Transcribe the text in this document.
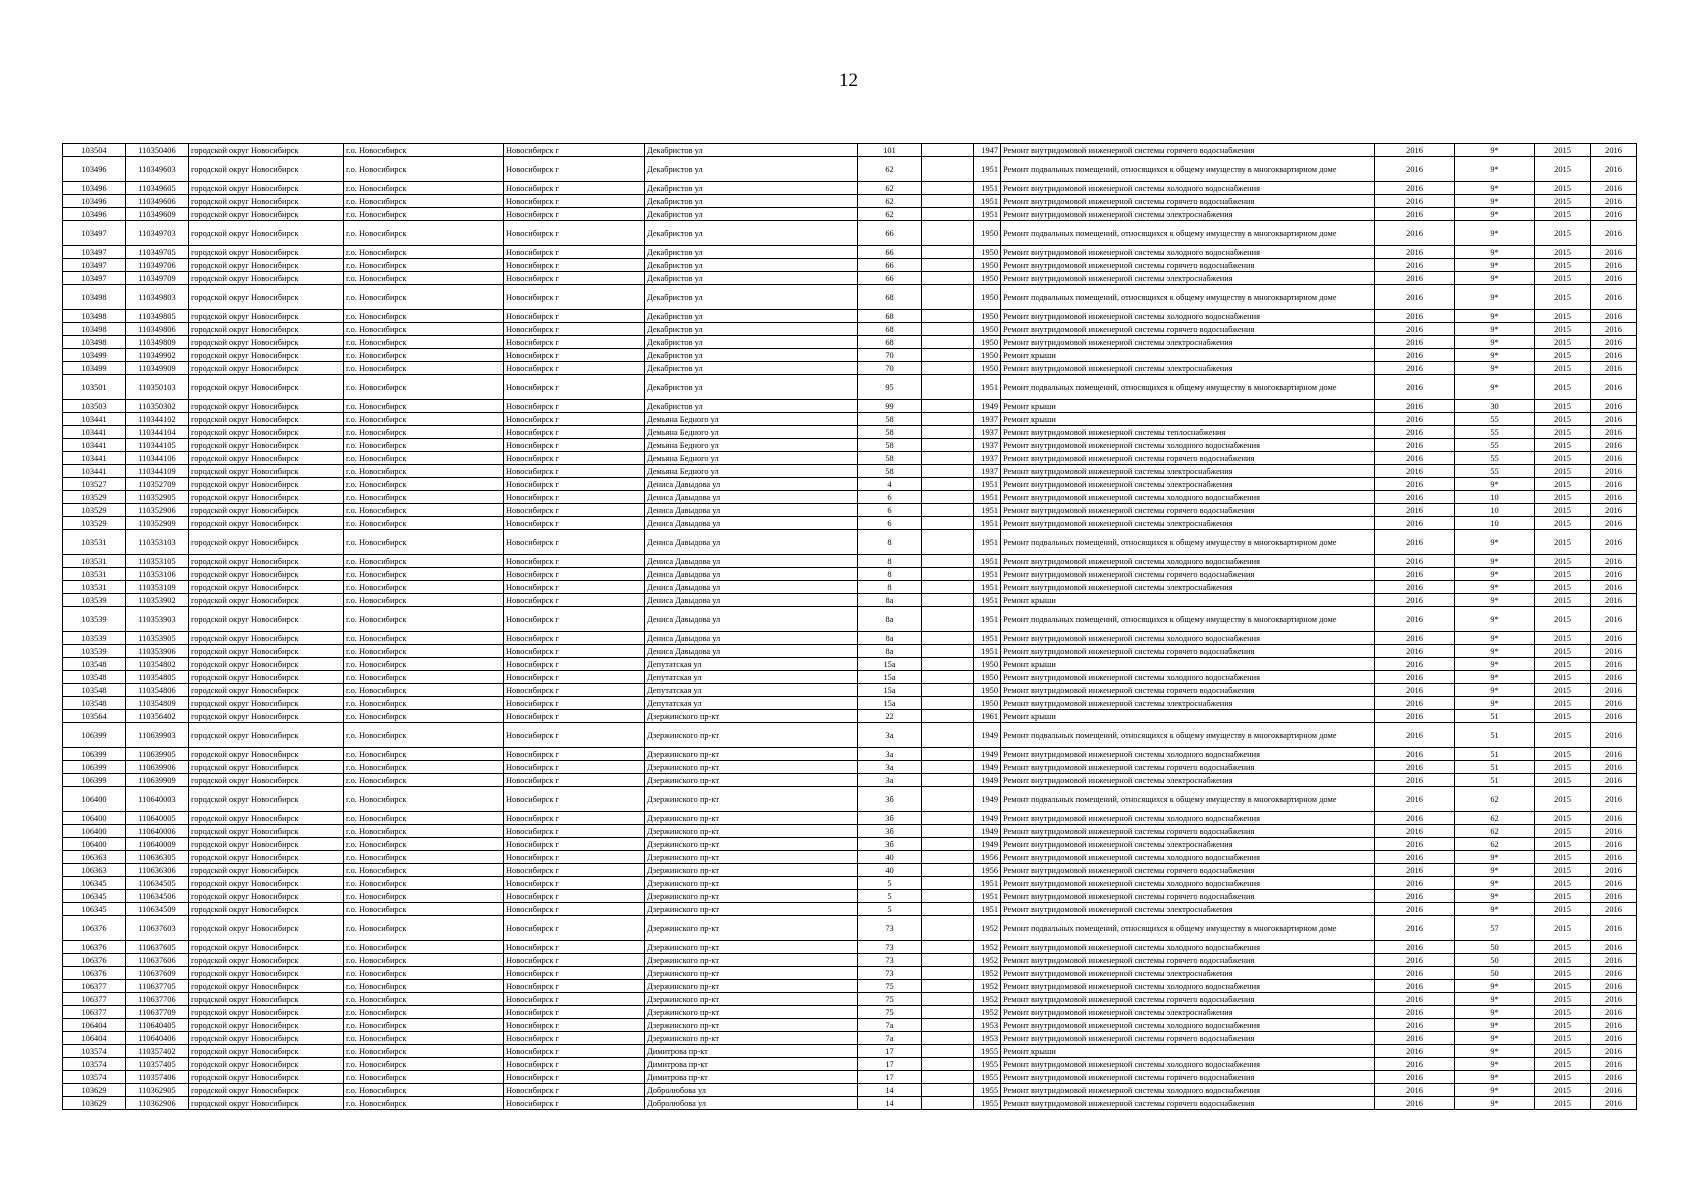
12
103504	110350406	городской округ Новосибирск	г.о. Новосибирск	Новосибирск г	Декабристов ул	101		1947	Ремонт внутридомовой инженерной системы горячего водоснабжения	2016	9*	2015	2016
103496	110349603	городской округ Новосибирск	г.о. Новосибирск	Новосибирск г	Декабристов ул	62		1951	Ремонт подвальных помещений, относящихся к общему имуществу в многоквартирном доме	2016	9*	2015	2016
103496	110349605	городской округ Новосибирск	г.о. Новосибирск	Новосибирск г	Декабристов ул	62		1951	Ремонт внутридомовой инженерной системы холодного водоснабжения	2016	9*	2015	2016
103496	110349606	городской округ Новосибирск	г.о. Новосибирск	Новосибирск г	Декабристов ул	62		1951	Ремонт внутридомовой инженерной системы горячего водоснабжения	2016	9*	2015	2016
103496	110349609	городской округ Новосибирск	г.о. Новосибирск	Новосибирск г	Декабристов ул	62		1951	Ремонт внутридомовой инженерной системы электроснабжения	2016	9*	2015	2016
103497	110349703	городской округ Новосибирск	г.о. Новосибирск	Новосибирск г	Декабристов ул	66		1950	Ремонт подвальных помещений, относящихся к общему имуществу в многоквартирном доме	2016	9*	2015	2016
103497	110349705	городской округ Новосибирск	г.о. Новосибирск	Новосибирск г	Декабристов ул	66		1950	Ремонт внутридомовой инженерной системы холодного водоснабжения	2016	9*	2015	2016
103497	110349706	городской округ Новосибирск	г.о. Новосибирск	Новосибирск г	Декабристов ул	66		1950	Ремонт внутридомовой инженерной системы горячего водоснабжения	2016	9*	2015	2016
103497	110349709	городской округ Новосибирск	г.о. Новосибирск	Новосибирск г	Декабристов ул	66		1950	Ремонт внутридомовой инженерной системы электроснабжения	2016	9*	2015	2016
103498	110349803	городской округ Новосибирск	г.о. Новосибирск	Новосибирск г	Декабристов ул	68		1950	Ремонт подвальных помещений, относящихся к общему имуществу в многоквартирном доме	2016	9*	2015	2016
103498	110349805	городской округ Новосибирск	г.о. Новосибирск	Новосибирск г	Декабристов ул	68		1950	Ремонт внутридомовой инженерной системы холодного водоснабжения	2016	9*	2015	2016
103498	110349806	городской округ Новосибирск	г.о. Новосибирск	Новосибирск г	Декабристов ул	68		1950	Ремонт внутридомовой инженерной системы горячего водоснабжения	2016	9*	2015	2016
103498	110349809	городской округ Новосибирск	г.о. Новосибирск	Новосибирск г	Декабристов ул	68		1950	Ремонт внутридомовой инженерной системы электроснабжения	2016	9*	2015	2016
103499	110349902	городской округ Новосибирск	г.о. Новосибирск	Новосибирск г	Декабристов ул	70		1950	Ремонт крыши	2016	9*	2015	2016
103499	110349909	городской округ Новосибирск	г.о. Новосибирск	Новосибирск г	Декабристов ул	70		1950	Ремонт внутридомовой инженерной системы электроснабжения	2016	9*	2015	2016
103501	110350103	городской округ Новосибирск	г.о. Новосибирск	Новосибирск г	Декабристов ул	95		1951	Ремонт подвальных помещений, относящихся к общему имуществу в многоквартирном доме	2016	9*	2015	2016
103503	110350302	городской округ Новосибирск	г.о. Новосибирск	Новосибирск г	Декабристов ул	99		1949	Ремонт крыши	2016	30	2015	2016
103441	110344102	городской округ Новосибирск	г.о. Новосибирск	Новосибирск г	Демьяна Бедного ул	58		1937	Ремонт крыши	2016	55	2015	2016
103441	110344104	городской округ Новосибирск	г.о. Новосибирск	Новосибирск г	Демьяна Бедного ул	58		1937	Ремонт внутридомовой инженерной системы теплоснабжения	2016	55	2015	2016
103441	110344105	городской округ Новосибирск	г.о. Новосибирск	Новосибирск г	Демьяна Бедного ул	58		1937	Ремонт внутридомовой инженерной системы холодного водоснабжения	2016	55	2015	2016
103441	110344106	городской округ Новосибирск	г.о. Новосибирск	Новосибирск г	Демьяна Бедного ул	58		1937	Ремонт внутридомовой инженерной системы горячего водоснабжения	2016	55	2015	2016
103441	110344109	городской округ Новосибирск	г.о. Новосибирск	Новосибирск г	Демьяна Бедного ул	58		1937	Ремонт внутридомовой инженерной системы электроснабжения	2016	55	2015	2016
103527	110352709	городской округ Новосибирск	г.о. Новосибирск	Новосибирск г	Дениса Давыдова ул	4		1951	Ремонт внутридомовой инженерной системы электроснабжения	2016	9*	2015	2016
103529	110352905	городской округ Новосибирск	г.о. Новосибирск	Новосибирск г	Дениса Давыдова ул	6		1951	Ремонт внутридомовой инженерной системы холодного водоснабжения	2016	10	2015	2016
103529	110352906	городской округ Новосибирск	г.о. Новосибирск	Новосибирск г	Дениса Давыдова ул	6		1951	Ремонт внутридомовой инженерной системы горячего водоснабжения	2016	10	2015	2016
103529	110352909	городской округ Новосибирск	г.о. Новосибирск	Новосибирск г	Дениса Давыдова ул	6		1951	Ремонт внутридомовой инженерной системы электроснабжения	2016	10	2015	2016
103531	110353103	городской округ Новосибирск	г.о. Новосибирск	Новосибирск г	Дениса Давыдова ул	8		1951	Ремонт подвальных помещений, относящихся к общему имуществу в многоквартирном доме	2016	9*	2015	2016
103531	110353105	городской округ Новосибирск	г.о. Новосибирск	Новосибирск г	Дениса Давыдова ул	8		1951	Ремонт внутридомовой инженерной системы холодного водоснабжения	2016	9*	2015	2016
103531	110353106	городской округ Новосибирск	г.о. Новосибирск	Новосибирск г	Дениса Давыдова ул	8		1951	Ремонт внутридомовой инженерной системы горячего водоснабжения	2016	9*	2015	2016
103531	110353109	городской округ Новосибирск	г.о. Новосибирск	Новосибирск г	Дениса Давыдова ул	8		1951	Ремонт внутридомовой инженерной системы электроснабжения	2016	9*	2015	2016
103539	110353902	городской округ Новосибирск	г.о. Новосибирск	Новосибирск г	Дениса Давыдова ул	8а		1951	Ремонт крыши	2016	9*	2015	2016
103539	110353903	городской округ Новосибирск	г.о. Новосибирск	Новосибирск г	Дениса Давыдова ул	8а		1951	Ремонт подвальных помещений, относящихся к общему имуществу в многоквартирном доме	2016	9*	2015	2016
103539	110353905	городской округ Новосибирск	г.о. Новосибирск	Новосибирск г	Дениса Давыдова ул	8а		1951	Ремонт внутридомовой инженерной системы холодного водоснабжения	2016	9*	2015	2016
103539	110353906	городской округ Новосибирск	г.о. Новосибирск	Новосибирск г	Дениса Давыдова ул	8а		1951	Ремонт внутридомовой инженерной системы горячего водоснабжения	2016	9*	2015	2016
103548	110354802	городской округ Новосибирск	г.о. Новосибирск	Новосибирск г	Депутатская ул	15а		1950	Ремонт крыши	2016	9*	2015	2016
103548	110354805	городской округ Новосибирск	г.о. Новосибирск	Новосибирск г	Депутатская ул	15а		1950	Ремонт внутридомовой инженерной системы холодного водоснабжения	2016	9*	2015	2016
103548	110354806	городской округ Новосибирск	г.о. Новосибирск	Новосибирск г	Депутатская ул	15а		1950	Ремонт внутридомовой инженерной системы горячего водоснабжения	2016	9*	2015	2016
103548	110354809	городской округ Новосибирск	г.о. Новосибирск	Новосибирск г	Депутатская ул	15а		1950	Ремонт внутридомовой инженерной системы электроснабжения	2016	9*	2015	2016
103564	110356402	городской округ Новосибирск	г.о. Новосибирск	Новосибирск г	Дзержинского пр-кт	22		1961	Ремонт крыши	2016	51	2015	2016
106399	110639903	городской округ Новосибирск	г.о. Новосибирск	Новосибирск г	Дзержинского пр-кт	3а		1949	Ремонт подвальных помещений, относящихся к общему имуществу в многоквартирном доме	2016	51	2015	2016
106399	110639905	городской округ Новосибирск	г.о. Новосибирск	Новосибирск г	Дзержинского пр-кт	3а		1949	Ремонт внутридомовой инженерной системы холодного водоснабжения	2016	51	2015	2016
106399	110639906	городской округ Новосибирск	г.о. Новосибирск	Новосибирск г	Дзержинского пр-кт	3а		1949	Ремонт внутридомовой инженерной системы горячего водоснабжения	2016	51	2015	2016
106399	110639909	городской округ Новосибирск	г.о. Новосибирск	Новосибирск г	Дзержинского пр-кт	3а		1949	Ремонт внутридомовой инженерной системы электроснабжения	2016	51	2015	2016
106400	110640003	городской округ Новосибирск	г.о. Новосибирск	Новосибирск г	Дзержинского пр-кт	3б		1949	Ремонт подвальных помещений, относящихся к общему имуществу в многоквартирном доме	2016	62	2015	2016
106400	110640005	городской округ Новосибирск	г.о. Новосибирск	Новосибирск г	Дзержинского пр-кт	3б		1949	Ремонт внутридомовой инженерной системы холодного водоснабжения	2016	62	2015	2016
106400	110640006	городской округ Новосибирск	г.о. Новосибирск	Новосибирск г	Дзержинского пр-кт	3б		1949	Ремонт внутридомовой инженерной системы горячего водоснабжения	2016	62	2015	2016
106400	110640009	городской округ Новосибирск	г.о. Новосибирск	Новосибирск г	Дзержинского пр-кт	3б		1949	Ремонт внутридомовой инженерной системы электроснабжения	2016	62	2015	2016
106363	110636305	городской округ Новосибирск	г.о. Новосибирск	Новосибирск г	Дзержинского пр-кт	40		1956	Ремонт внутридомовой инженерной системы холодного водоснабжения	2016	9*	2015	2016
106363	110636306	городской округ Новосибирск	г.о. Новосибирск	Новосибирск г	Дзержинского пр-кт	40		1956	Ремонт внутридомовой инженерной системы горячего водоснабжения	2016	9*	2015	2016
106345	110634505	городской округ Новосибирск	г.о. Новосибирск	Новосибирск г	Дзержинского пр-кт	5		1951	Ремонт внутридомовой инженерной системы холодного водоснабжения	2016	9*	2015	2016
106345	110634506	городской округ Новосибирск	г.о. Новосибирск	Новосибирск г	Дзержинского пр-кт	5		1951	Ремонт внутридомовой инженерной системы горячего водоснабжения	2016	9*	2015	2016
106345	110634509	городской округ Новосибирск	г.о. Новосибирск	Новосибирск г	Дзержинского пр-кт	5		1951	Ремонт внутридомовой инженерной системы электроснабжения	2016	9*	2015	2016
106376	110637603	городской округ Новосибирск	г.о. Новосибирск	Новосибирск г	Дзержинского пр-кт	73		1952	Ремонт подвальных помещений, относящихся к общему имуществу в многоквартирном доме	2016	57	2015	2016
106376	110637605	городской округ Новосибирск	г.о. Новосибирск	Новосибирск г	Дзержинского пр-кт	73		1952	Ремонт внутридомовой инженерной системы холодного водоснабжения	2016	50	2015	2016
106376	110637606	городской округ Новосибирск	г.о. Новосибирск	Новосибирск г	Дзержинского пр-кт	73		1952	Ремонт внутридомовой инженерной системы горячего водоснабжения	2016	50	2015	2016
106376	110637609	городской округ Новосибирск	г.о. Новосибирск	Новосибирск г	Дзержинского пр-кт	73		1952	Ремонт внутридомовой инженерной системы электроснабжения	2016	50	2015	2016
106377	110637705	городской округ Новосибирск	г.о. Новосибирск	Новосибирск г	Дзержинского пр-кт	75		1952	Ремонт внутридомовой инженерной системы холодного водоснабжения	2016	9*	2015	2016
106377	110637706	городской округ Новосибирск	г.о. Новосибирск	Новосибирск г	Дзержинского пр-кт	75		1952	Ремонт внутридомовой инженерной системы горячего водоснабжения	2016	9*	2015	2016
106377	110637709	городской округ Новосибирск	г.о. Новосибирск	Новосибирск г	Дзержинского пр-кт	75		1952	Ремонт внутридомовой инженерной системы электроснабжения	2016	9*	2015	2016
106404	110640405	городской округ Новосибирск	г.о. Новосибирск	Новосибирск г	Дзержинского пр-кт	7а		1953	Ремонт внутридомовой инженерной системы холодного водоснабжения	2016	9*	2015	2016
106404	110640406	городской округ Новосибирск	г.о. Новосибирск	Новосибирск г	Дзержинского пр-кт	7а		1953	Ремонт внутридомовой инженерной системы горячего водоснабжения	2016	9*	2015	2016
103574	110357402	городской округ Новосибирск	г.о. Новосибирск	Новосибирск г	Димитрова пр-кт	17		1955	Ремонт крыши	2016	9*	2015	2016
103574	110357405	городской округ Новосибирск	г.о. Новосибирск	Новосибирск г	Димитрова пр-кт	17		1955	Ремонт внутридомовой инженерной системы холодного водоснабжения	2016	9*	2015	2016
103574	110357406	городской округ Новосибирск	г.о. Новосибирск	Новосибирск г	Димитрова пр-кт	17		1955	Ремонт внутридомовой инженерной системы горячего водоснабжения	2016	9*	2015	2016
103629	110362905	городской округ Новосибирск	г.о. Новосибирск	Новосибирск г	Добролюбова ул	14		1955	Ремонт внутридомовой инженерной системы холодного водоснабжения	2016	9*	2015	2016
103629	110362906	городской округ Новосибирск	г.о. Новосибирск	Новосибирск г	Добролюбова ул	14		1955	Ремонт внутридомовой инженерной системы горячего водоснабжения	2016	9*	2015	2016
